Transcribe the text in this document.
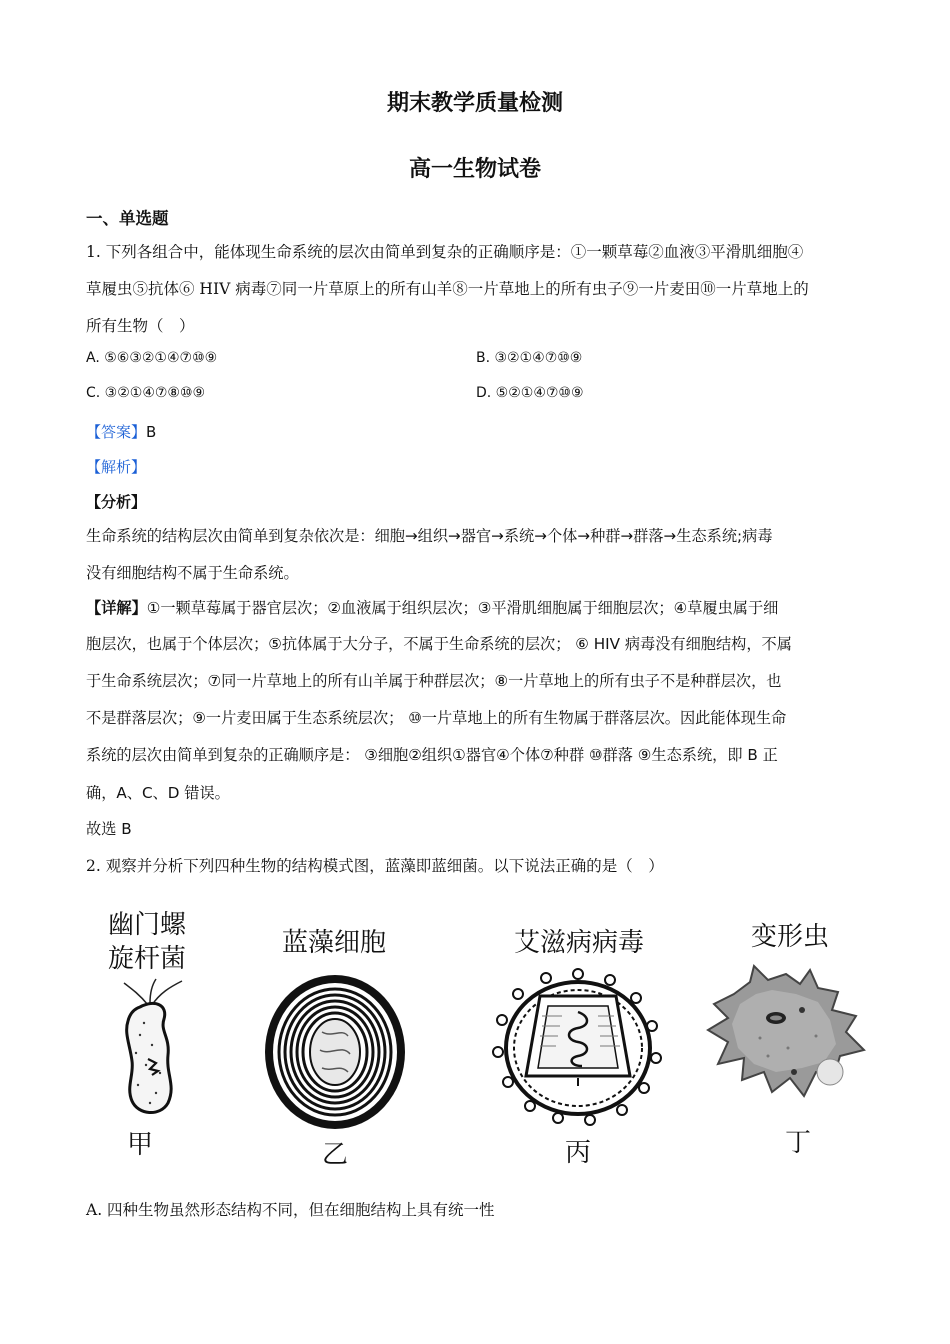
期末教学质量检测
高一生物试卷
一、单选题
1. 下列各组合中，能体现生命系统的层次由简单到复杂的正确顺序是：①一颗草莓②血液③平滑肌细胞④
草履虫⑤抗体⑥ HIV 病毒⑦同一片草原上的所有山羊⑧一片草地上的所有虫子⑨一片麦田⑩一片草地上的
所有生物（　）
A. ⑤⑥③②①④⑦⑩⑨	B. ③②①④⑦⑩⑨
C. ③②①④⑦⑧⑩⑨	D. ⑤②①④⑦⑩⑨
【答案】B
【解析】
【分析】
生命系统的结构层次由简单到复杂依次是：细胞→组织→器官→系统→个体→种群→群落→生态系统;病毒
没有细胞结构不属于生命系统。
【详解】①一颗草莓属于器官层次；②血液属于组织层次；③平滑肌细胞属于细胞层次；④草履虫属于细
胞层次，也属于个体层次；⑤抗体属于大分子，不属于生命系统的层次； ⑥ HIV 病毒没有细胞结构，不属
于生命系统层次；⑦同一片草地上的所有山羊属于种群层次；⑧一片草地上的所有虫子不是种群层次，也
不是群落层次；⑨一片麦田属于生态系统层次； ⑩一片草地上的所有生物属于群落层次。因此能体现生命
系统的层次由简单到复杂的正确顺序是： ③细胞②组织①器官④个体⑦种群 ⑩群落 ⑨生态系统，即 B 正
确，A、C、D 错误。
故选 B
2. 观察并分析下列四种生物的结构模式图，蓝藻即蓝细菌。以下说法正确的是（　）
幽门螺
旋杆菌
甲
蓝藻细胞
乙
艾滋病病毒
丙
变形虫
丁
A. 四种生物虽然形态结构不同，但在细胞结构上具有统一性
